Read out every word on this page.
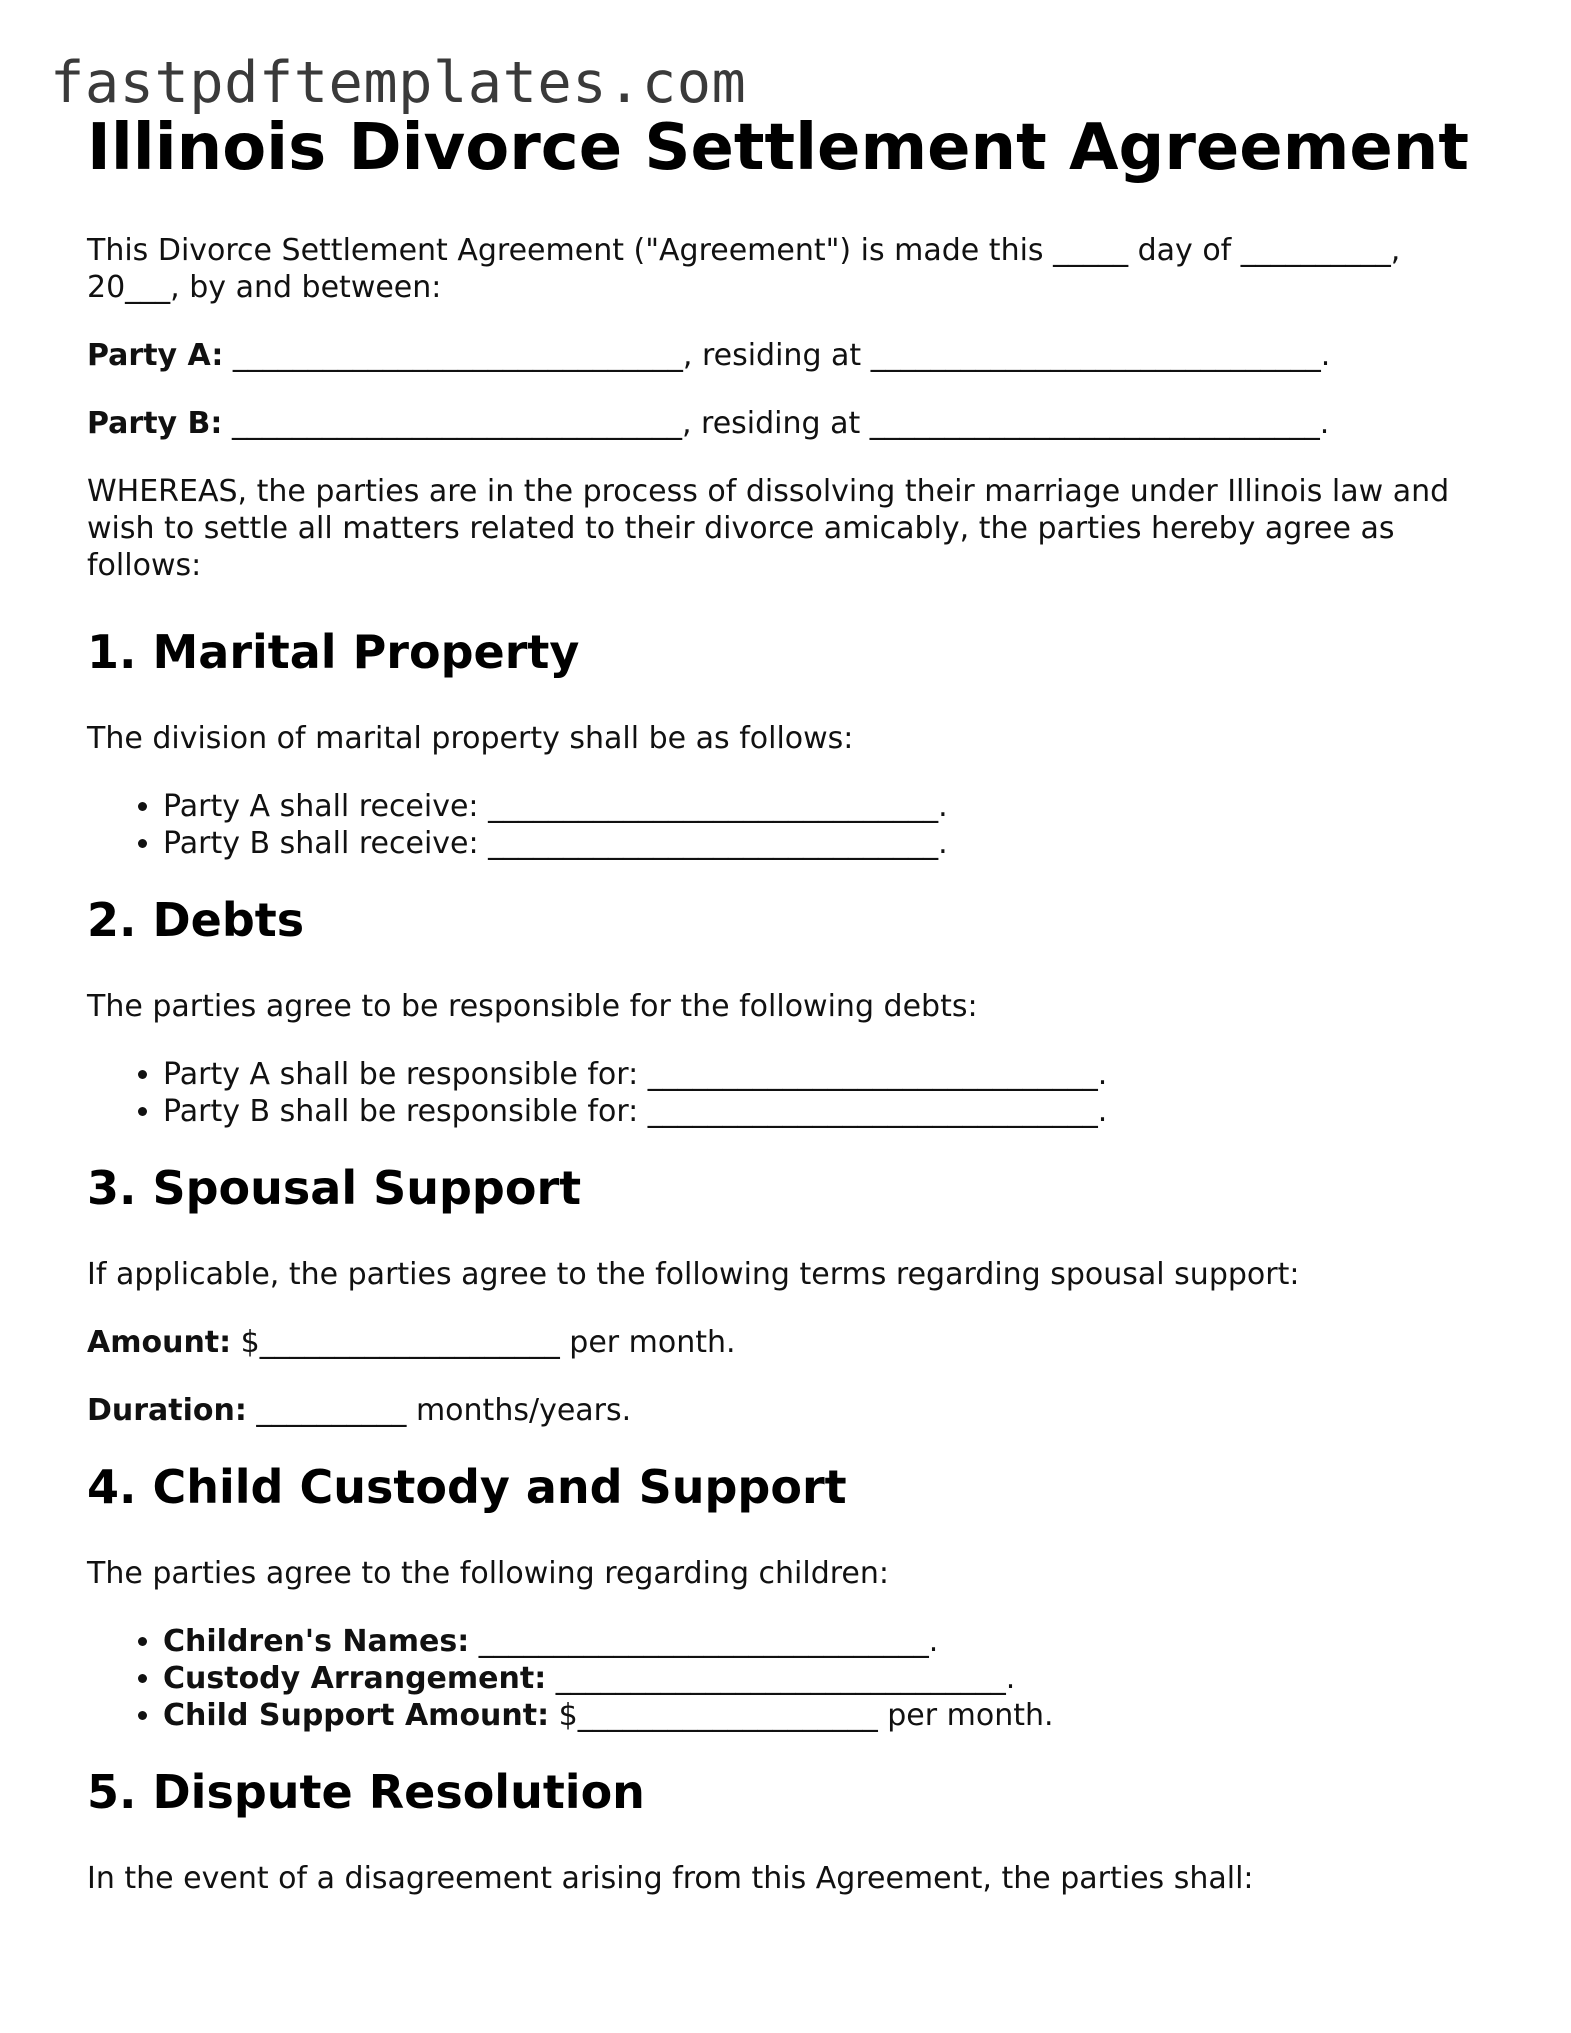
fastpdftemplates.com
Illinois Divorce Settlement Agreement

This Divorce Settlement Agreement ("Agreement") is made this _____ day of __________,
20___, by and between:

Party A: ______________________________, residing at ______________________________.

Party B: ______________________________, residing at ______________________________.

WHEREAS, the parties are in the process of dissolving their marriage under Illinois law and wish to settle all matters related to their divorce amicably, the parties hereby agree as follows:

1. Marital Property

The division of marital property shall be as follows:

• Party A shall receive: ______________________________.
• Party B shall receive: ______________________________.
2. Debts

The parties agree to be responsible for the following debts:

• Party A shall be responsible for: ______________________________.
• Party B shall be responsible for: ______________________________.
3. Spousal Support

If applicable, the parties agree to the following terms regarding spousal support:

Amount: $____________________ per month.

Duration: __________ months/years.

4. Child Custody and Support

The parties agree to the following regarding children:

• Children's Names: ______________________________.
• Custody Arrangement: ______________________________.
• Child Support Amount: $____________________ per month.
5. Dispute Resolution

In the event of a disagreement arising from this Agreement, the parties shall:
